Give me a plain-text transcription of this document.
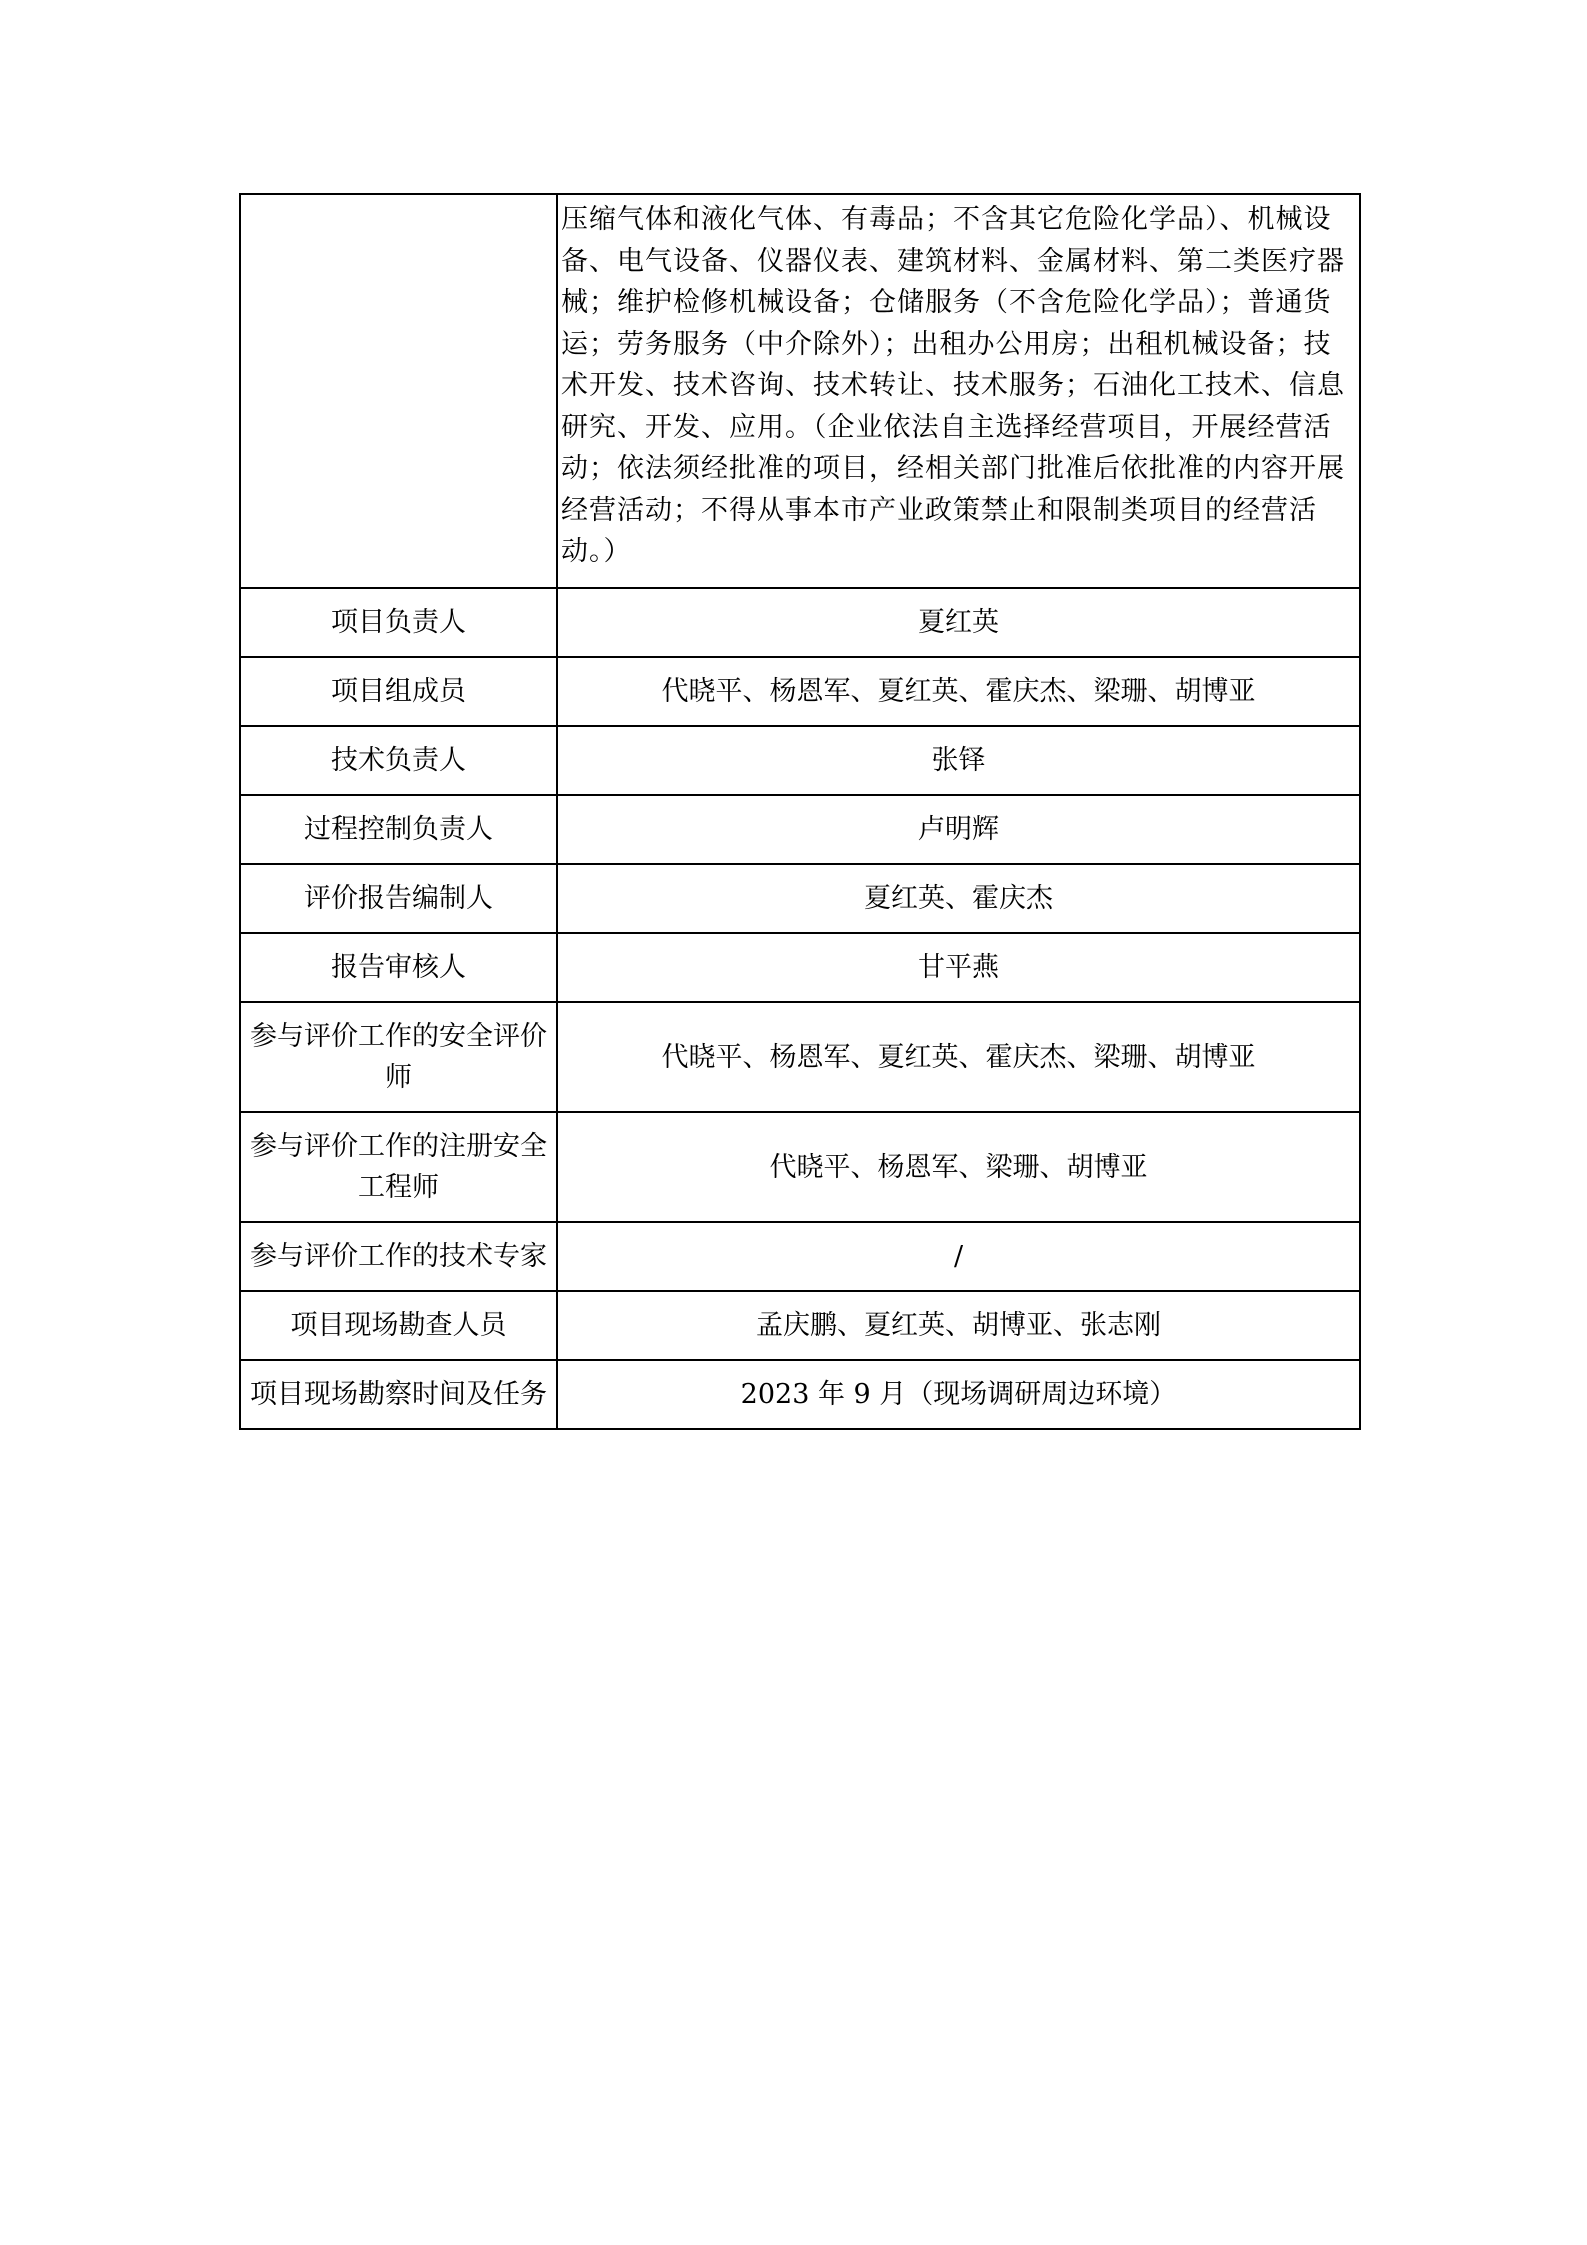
	压缩气体和液化气体、有毒品；不含其它危险化学品）、机械设备、电气设备、仪器仪表、建筑材料、金属材料、第二类医疗器械；维护检修机械设备；仓储服务（不含危险化学品）；普通货运；劳务服务（中介除外）；出租办公用房；出租机械设备；技术开发、技术咨询、技术转让、技术服务；石油化工技术、信息研究、开发、应用。（企业依法自主选择经营项目，开展经营活动；依法须经批准的项目，经相关部门批准后依批准的内容开展经营活动；不得从事本市产业政策禁止和限制类项目的经营活动。）
项目负责人	夏红英
项目组成员	代晓平、杨恩军、夏红英、霍庆杰、梁珊、胡博亚
技术负责人	张铎
过程控制负责人	卢明辉
评价报告编制人	夏红英、霍庆杰
报告审核人	甘平燕
参与评价工作的安全评价师	代晓平、杨恩军、夏红英、霍庆杰、梁珊、胡博亚
参与评价工作的注册安全工程师	代晓平、杨恩军、梁珊、胡博亚
参与评价工作的技术专家	/
项目现场勘查人员	孟庆鹏、夏红英、胡博亚、张志刚
项目现场勘察时间及任务	2023 年 9 月（现场调研周边环境）
